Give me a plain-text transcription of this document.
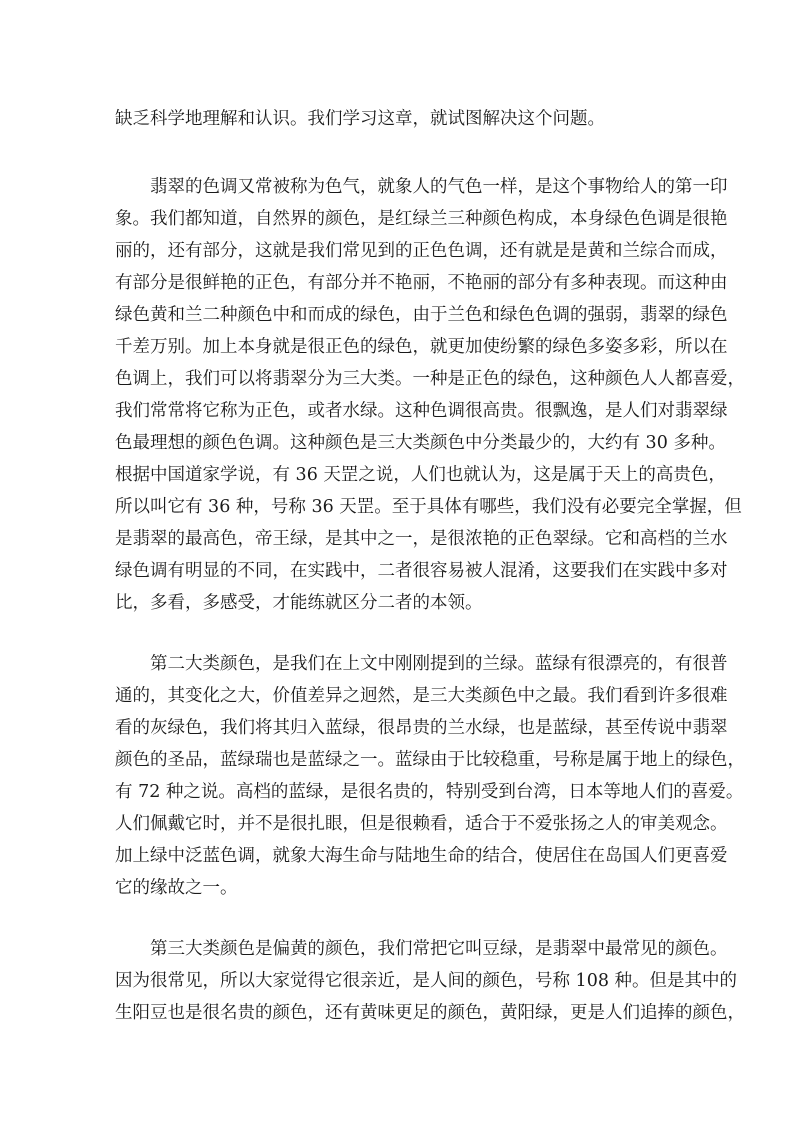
缺乏科学地理解和认识。我们学习这章，就试图解决这个问题。
翡翠的色调又常被称为色气，就象人的气色一样，是这个事物给人的第一印
象。我们都知道，自然界的颜色，是红绿兰三种颜色构成，本身绿色色调是很艳
丽的，还有部分，这就是我们常见到的正色色调，还有就是是黄和兰综合而成，
有部分是很鲜艳的正色，有部分并不艳丽，不艳丽的部分有多种表现。而这种由
绿色黄和兰二种颜色中和而成的绿色，由于兰色和绿色色调的强弱，翡翠的绿色
千差万别。加上本身就是很正色的绿色，就更加使纷繁的绿色多姿多彩，所以在
色调上，我们可以将翡翠分为三大类。一种是正色的绿色，这种颜色人人都喜爱，
我们常常将它称为正色，或者水绿。这种色调很高贵。很飘逸，是人们对翡翠绿
色最理想的颜色色调。这种颜色是三大类颜色中分类最少的，大约有 30 多种。
根据中国道家学说，有 36 天罡之说，人们也就认为，这是属于天上的高贵色，
所以叫它有 36 种，号称 36 天罡。至于具体有哪些，我们没有必要完全掌握，但
是翡翠的最高色，帝王绿，是其中之一，是很浓艳的正色翠绿。它和高档的兰水
绿色调有明显的不同，在实践中，二者很容易被人混淆，这要我们在实践中多对
比，多看，多感受，才能练就区分二者的本领。
第二大类颜色，是我们在上文中刚刚提到的兰绿。蓝绿有很漂亮的，有很普
通的，其变化之大，价值差异之迥然，是三大类颜色中之最。我们看到许多很难
看的灰绿色，我们将其归入蓝绿，很昂贵的兰水绿，也是蓝绿，甚至传说中翡翠
颜色的圣品，蓝绿瑞也是蓝绿之一。蓝绿由于比较稳重，号称是属于地上的绿色，
有 72 种之说。高档的蓝绿，是很名贵的，特别受到台湾，日本等地人们的喜爱。
人们佩戴它时，并不是很扎眼，但是很赖看，适合于不爱张扬之人的审美观念。
加上绿中泛蓝色调，就象大海生命与陆地生命的结合，使居住在岛国人们更喜爱
它的缘故之一。
第三大类颜色是偏黄的颜色，我们常把它叫豆绿，是翡翠中最常见的颜色。
因为很常见，所以大家觉得它很亲近，是人间的颜色，号称 108 种。但是其中的
生阳豆也是很名贵的颜色，还有黄味更足的颜色，黄阳绿，更是人们追捧的颜色，
